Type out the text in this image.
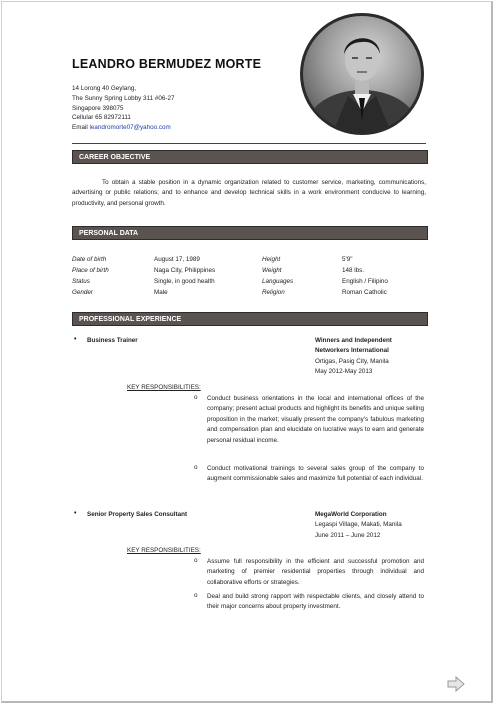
LEANDRO BERMUDEZ MORTE
14 Lorong 40 Geylang,
The Sunny Spring Lobby 311 #06-27
Singapore 398075
Cellular 65 82972111
Email leandromorte07@yahoo.com
CAREER OBJECTIVE
To obtain a stable position in a dynamic organization related to customer service, marketing, communications, advertising or public relations; and to enhance and develop technical skills in a work environment conducive to learning, productivity, and personal growth.
PERSONAL DATA
Date of birth	August 17, 1989	Height	5'9"
Place of birth	Naga City, Philippines	Weight	148 lbs.
Status	Single, in good health	Languages	English / Filipino
Gender	Male	Religion	Roman Catholic
PROFESSIONAL EXPERIENCE
• Business Trainer	Winners and Independent
Networkers International
Ortigas, Pasig City, Manila
May 2012-May 2013
KEY RESPONSIBILITIES:
o Conduct business orientations in the local and international offices of the company; present actual products and highlight its benefits and unique selling proposition in the market; visually present the company's fabulous marketing and compensation plan and elucidate on lucrative ways to earn and generate personal residual income.
o Conduct motivational trainings to several sales group of the company to augment commissionable sales and maximize full potential of each individual.
• Senior Property Sales Consultant	MegaWorld Corporation
Legaspi Village, Makati, Manila
June 2011 – June 2012
KEY RESPONSIBILITIES:
o Assume full responsibility in the efficient and successful promotion and marketing of premier residential properties through individual and collaborative efforts or strategies.
o Deal and build strong rapport with respectable clients, and closely attend to their major concerns about property investment.
